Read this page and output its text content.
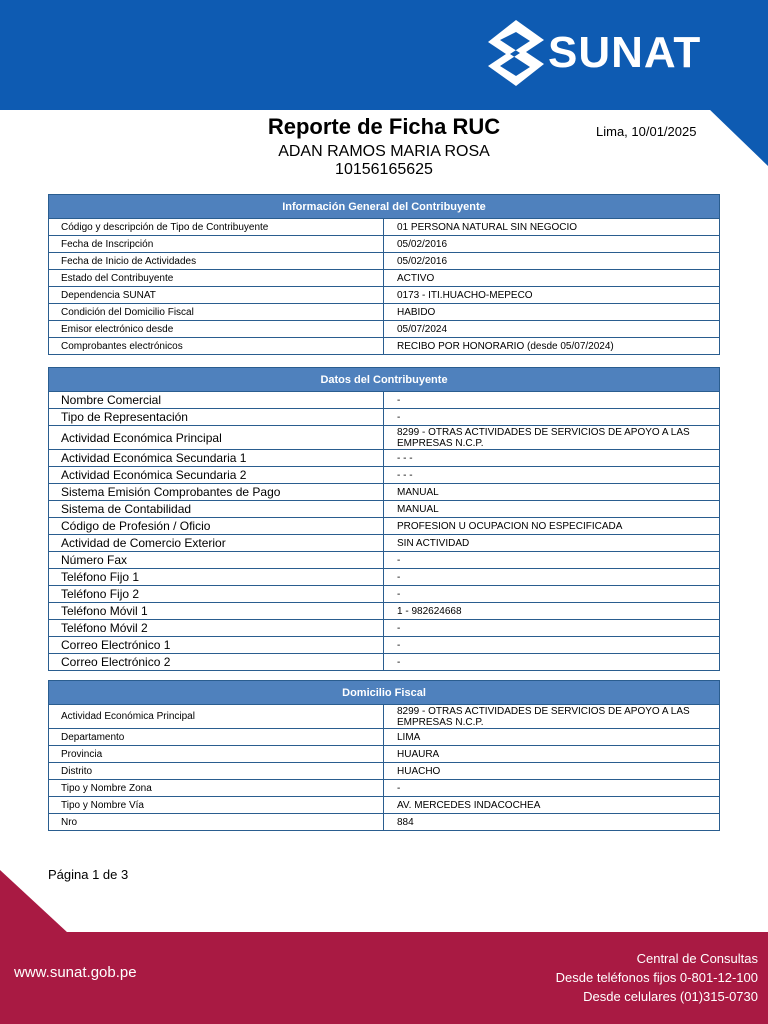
SUNAT
Reporte de Ficha RUC
ADAN RAMOS MARIA ROSA
10156165625
Lima, 10/01/2025
Información General del Contribuyente	
Código y descripción de Tipo de Contribuyente	01 PERSONA NATURAL SIN NEGOCIO
Fecha de Inscripción	05/02/2016
Fecha de Inicio de Actividades	05/02/2016
Estado del Contribuyente	ACTIVO
Dependencia SUNAT	0173 - ITI.HUACHO-MEPECO
Condición del Domicilio Fiscal	HABIDO
Emisor electrónico desde	05/07/2024
Comprobantes electrónicos	RECIBO POR HONORARIO (desde 05/07/2024)
Datos del Contribuyente	
Nombre Comercial	-
Tipo de Representación	-
Actividad Económica Principal	8299 - OTRAS ACTIVIDADES DE SERVICIOS DE APOYO A LAS EMPRESAS N.C.P.
Actividad Económica Secundaria 1	- - -
Actividad Económica Secundaria 2	- - -
Sistema Emisión Comprobantes de Pago	MANUAL
Sistema de Contabilidad	MANUAL
Código de Profesión / Oficio	PROFESION U OCUPACION NO ESPECIFICADA
Actividad de Comercio Exterior	SIN ACTIVIDAD
Número Fax	-
Teléfono Fijo 1	-
Teléfono Fijo 2	-
Teléfono Móvil 1	1 - 982624668
Teléfono Móvil 2	-
Correo Electrónico 1	-
Correo Electrónico 2	-
Domicilio Fiscal	
Actividad Económica Principal	8299 - OTRAS ACTIVIDADES DE SERVICIOS DE APOYO A LAS EMPRESAS N.C.P.
Departamento	LIMA
Provincia	HUAURA
Distrito	HUACHO
Tipo y Nombre Zona	-
Tipo y Nombre Vía	AV. MERCEDES INDACOCHEA
Nro	884
Página 1 de 3
www.sunat.gob.pe
Central de Consultas
Desde teléfonos fijos 0-801-12-100
Desde celulares (01)315-0730
